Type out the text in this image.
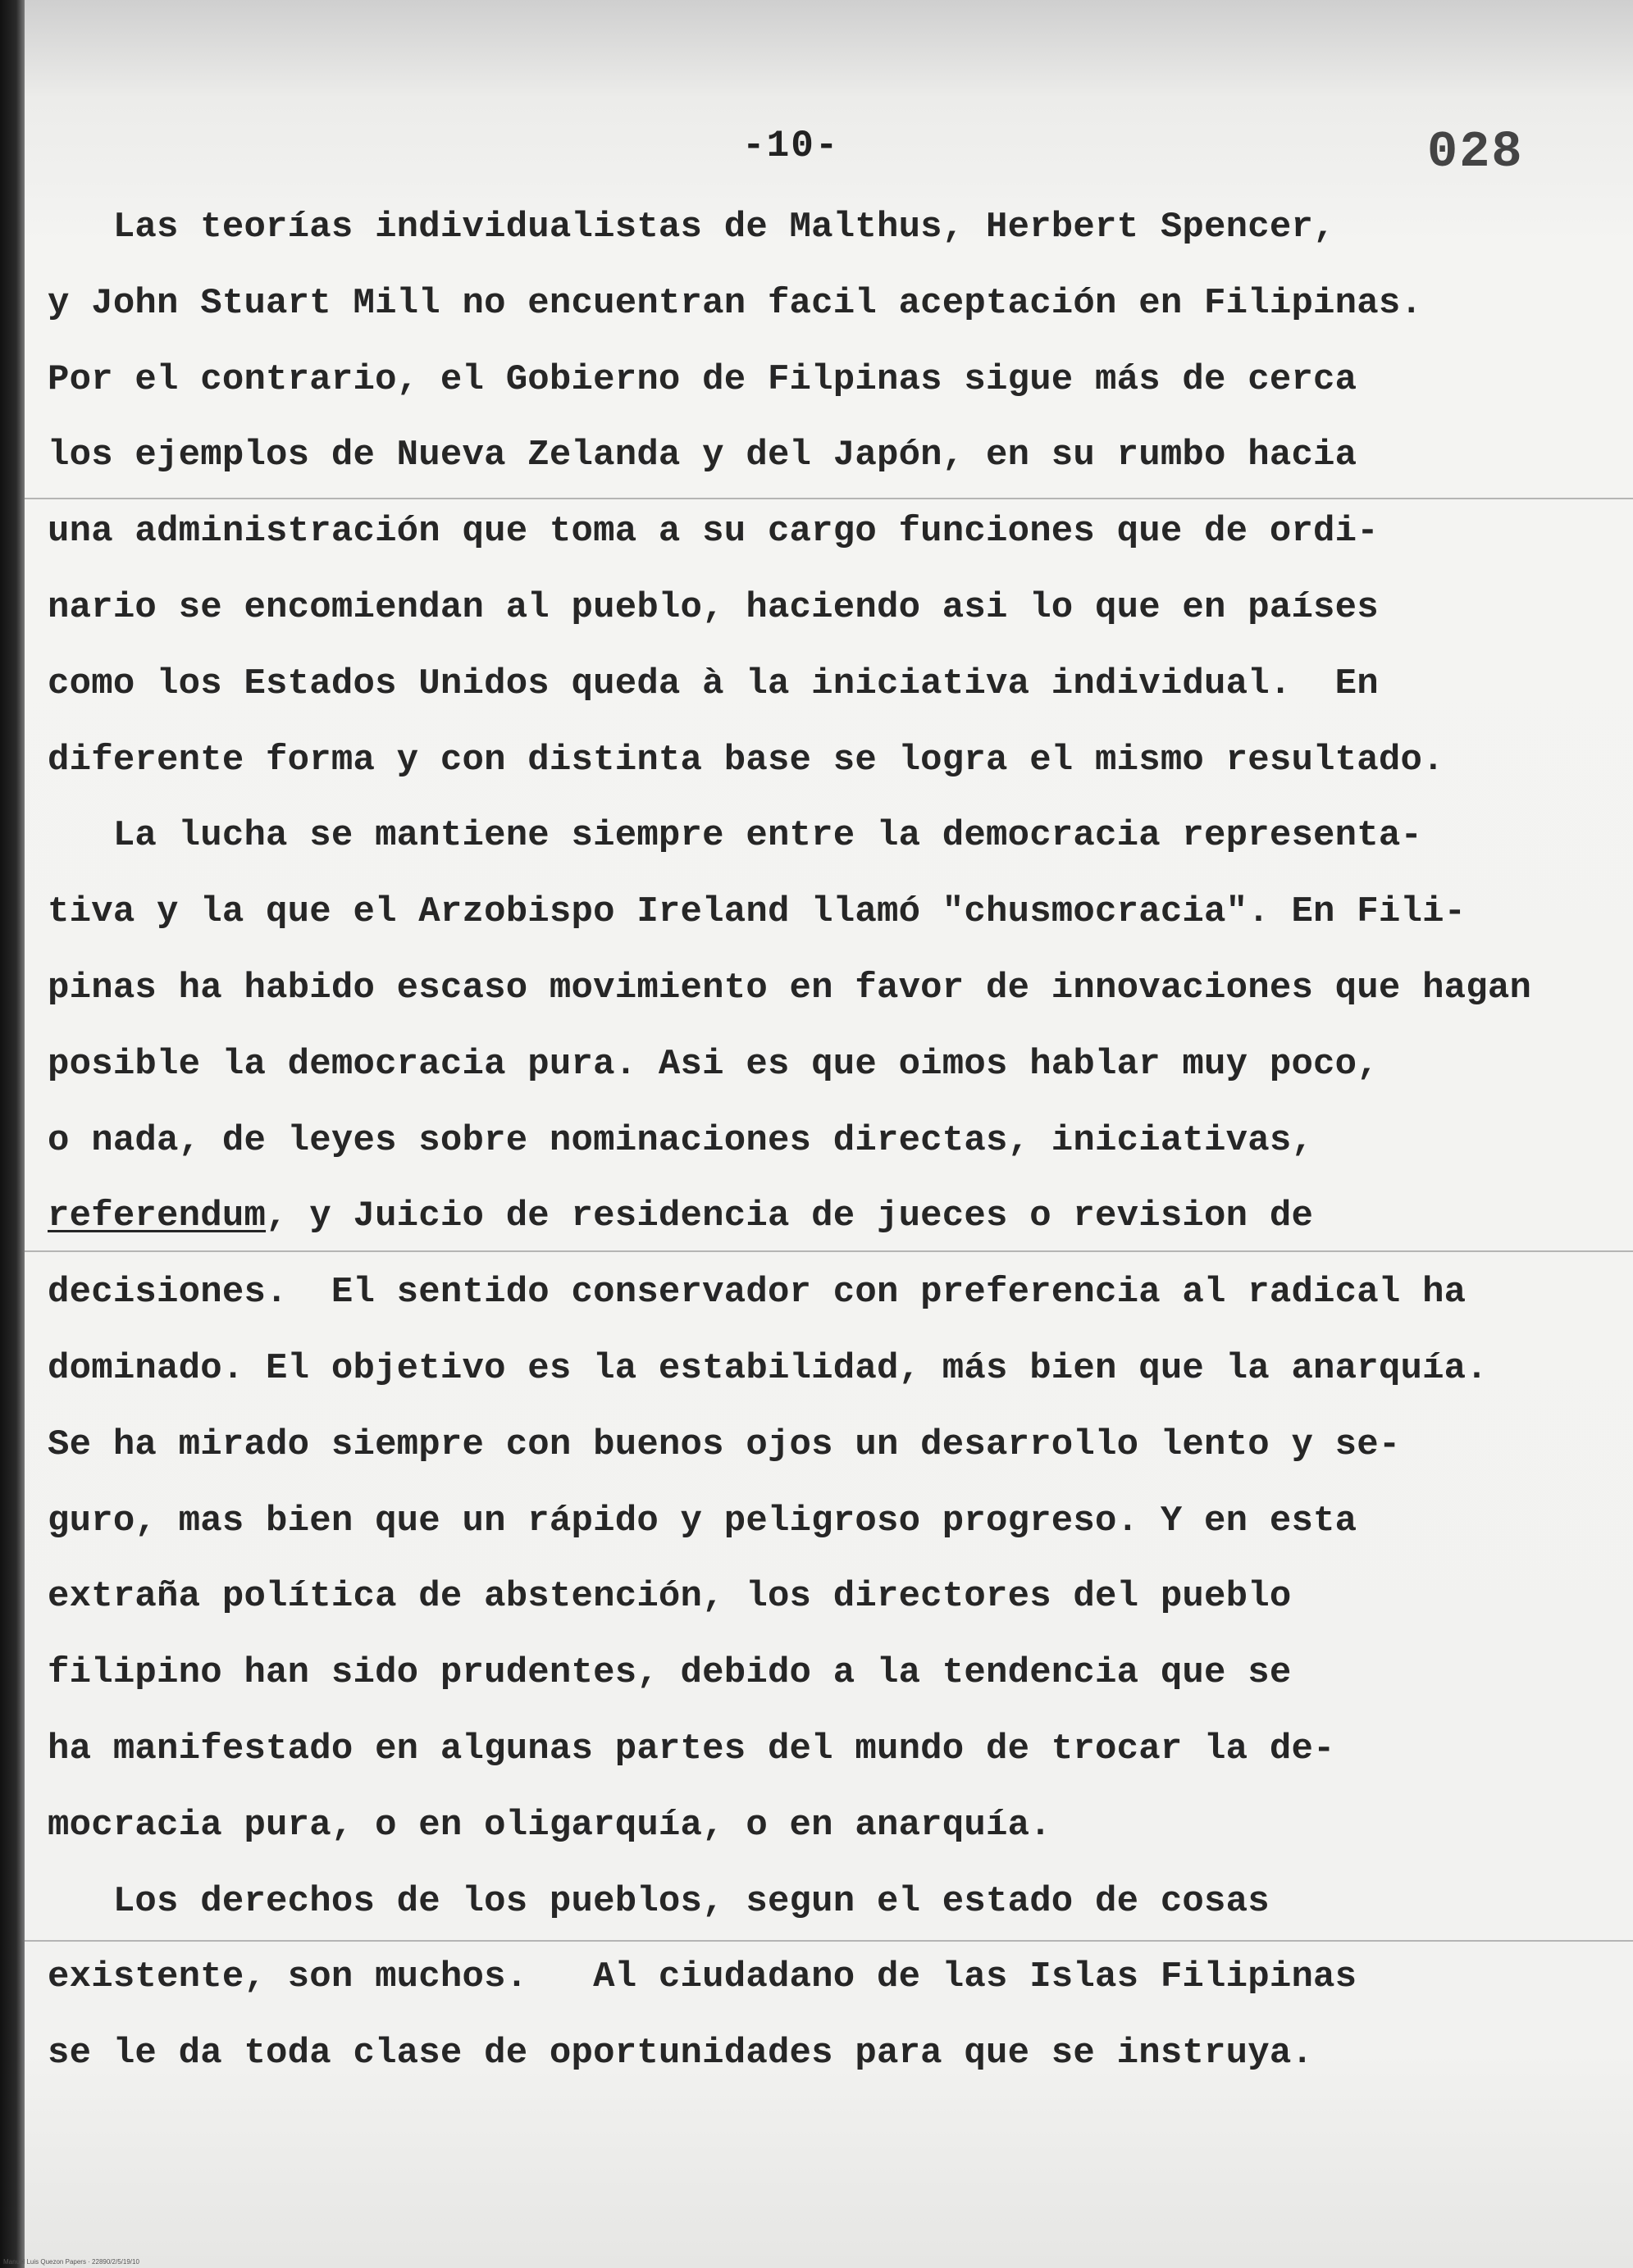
-10-	028
Las teorías individualistas de Malthus, Herbert Spencer,
y John Stuart Mill no encuentran facil aceptación en Filipinas.
Por el contrario, el Gobierno de Filpinas sigue más de cerca
los ejemplos de Nueva Zelanda y del Japón, en su rumbo hacia
una administración que toma a su cargo funciones que de ordi-
nario se encomiendan al pueblo, haciendo asi lo que en países
como los Estados Unidos queda à la iniciativa individual.  En
diferente forma y con distinta base se logra el mismo resultado.
La lucha se mantiene siempre entre la democracia representa-
tiva y la que el Arzobispo Ireland llamó "chusmocracia". En Fili-
pinas ha habido escaso movimiento en favor de innovaciones que hagan
posible la democracia pura. Asi es que oimos hablar muy poco,
o nada, de leyes sobre nominaciones directas, iniciativas,
referendum, y Juicio de residencia de jueces o revision de
decisiones.  El sentido conservador con preferencia al radical ha
dominado. El objetivo es la estabilidad, más bien que la anarquía.
Se ha mirado siempre con buenos ojos un desarrollo lento y se-
guro, mas bien que un rápido y peligroso progreso. Y en esta
extraña política de abstención, los directores del pueblo
filipino han sido prudentes, debido a la tendencia que se
ha manifestado en algunas partes del mundo de trocar la de-
mocracia pura, o en oligarquía, o en anarquía.
Los derechos de los pueblos, segun el estado de cosas
existente, son muchos.   Al ciudadano de las Islas Filipinas
se le da toda clase de oportunidades para que se instruya.
Manuel Luis Quezon Papers · 22890/2/5/19/10
